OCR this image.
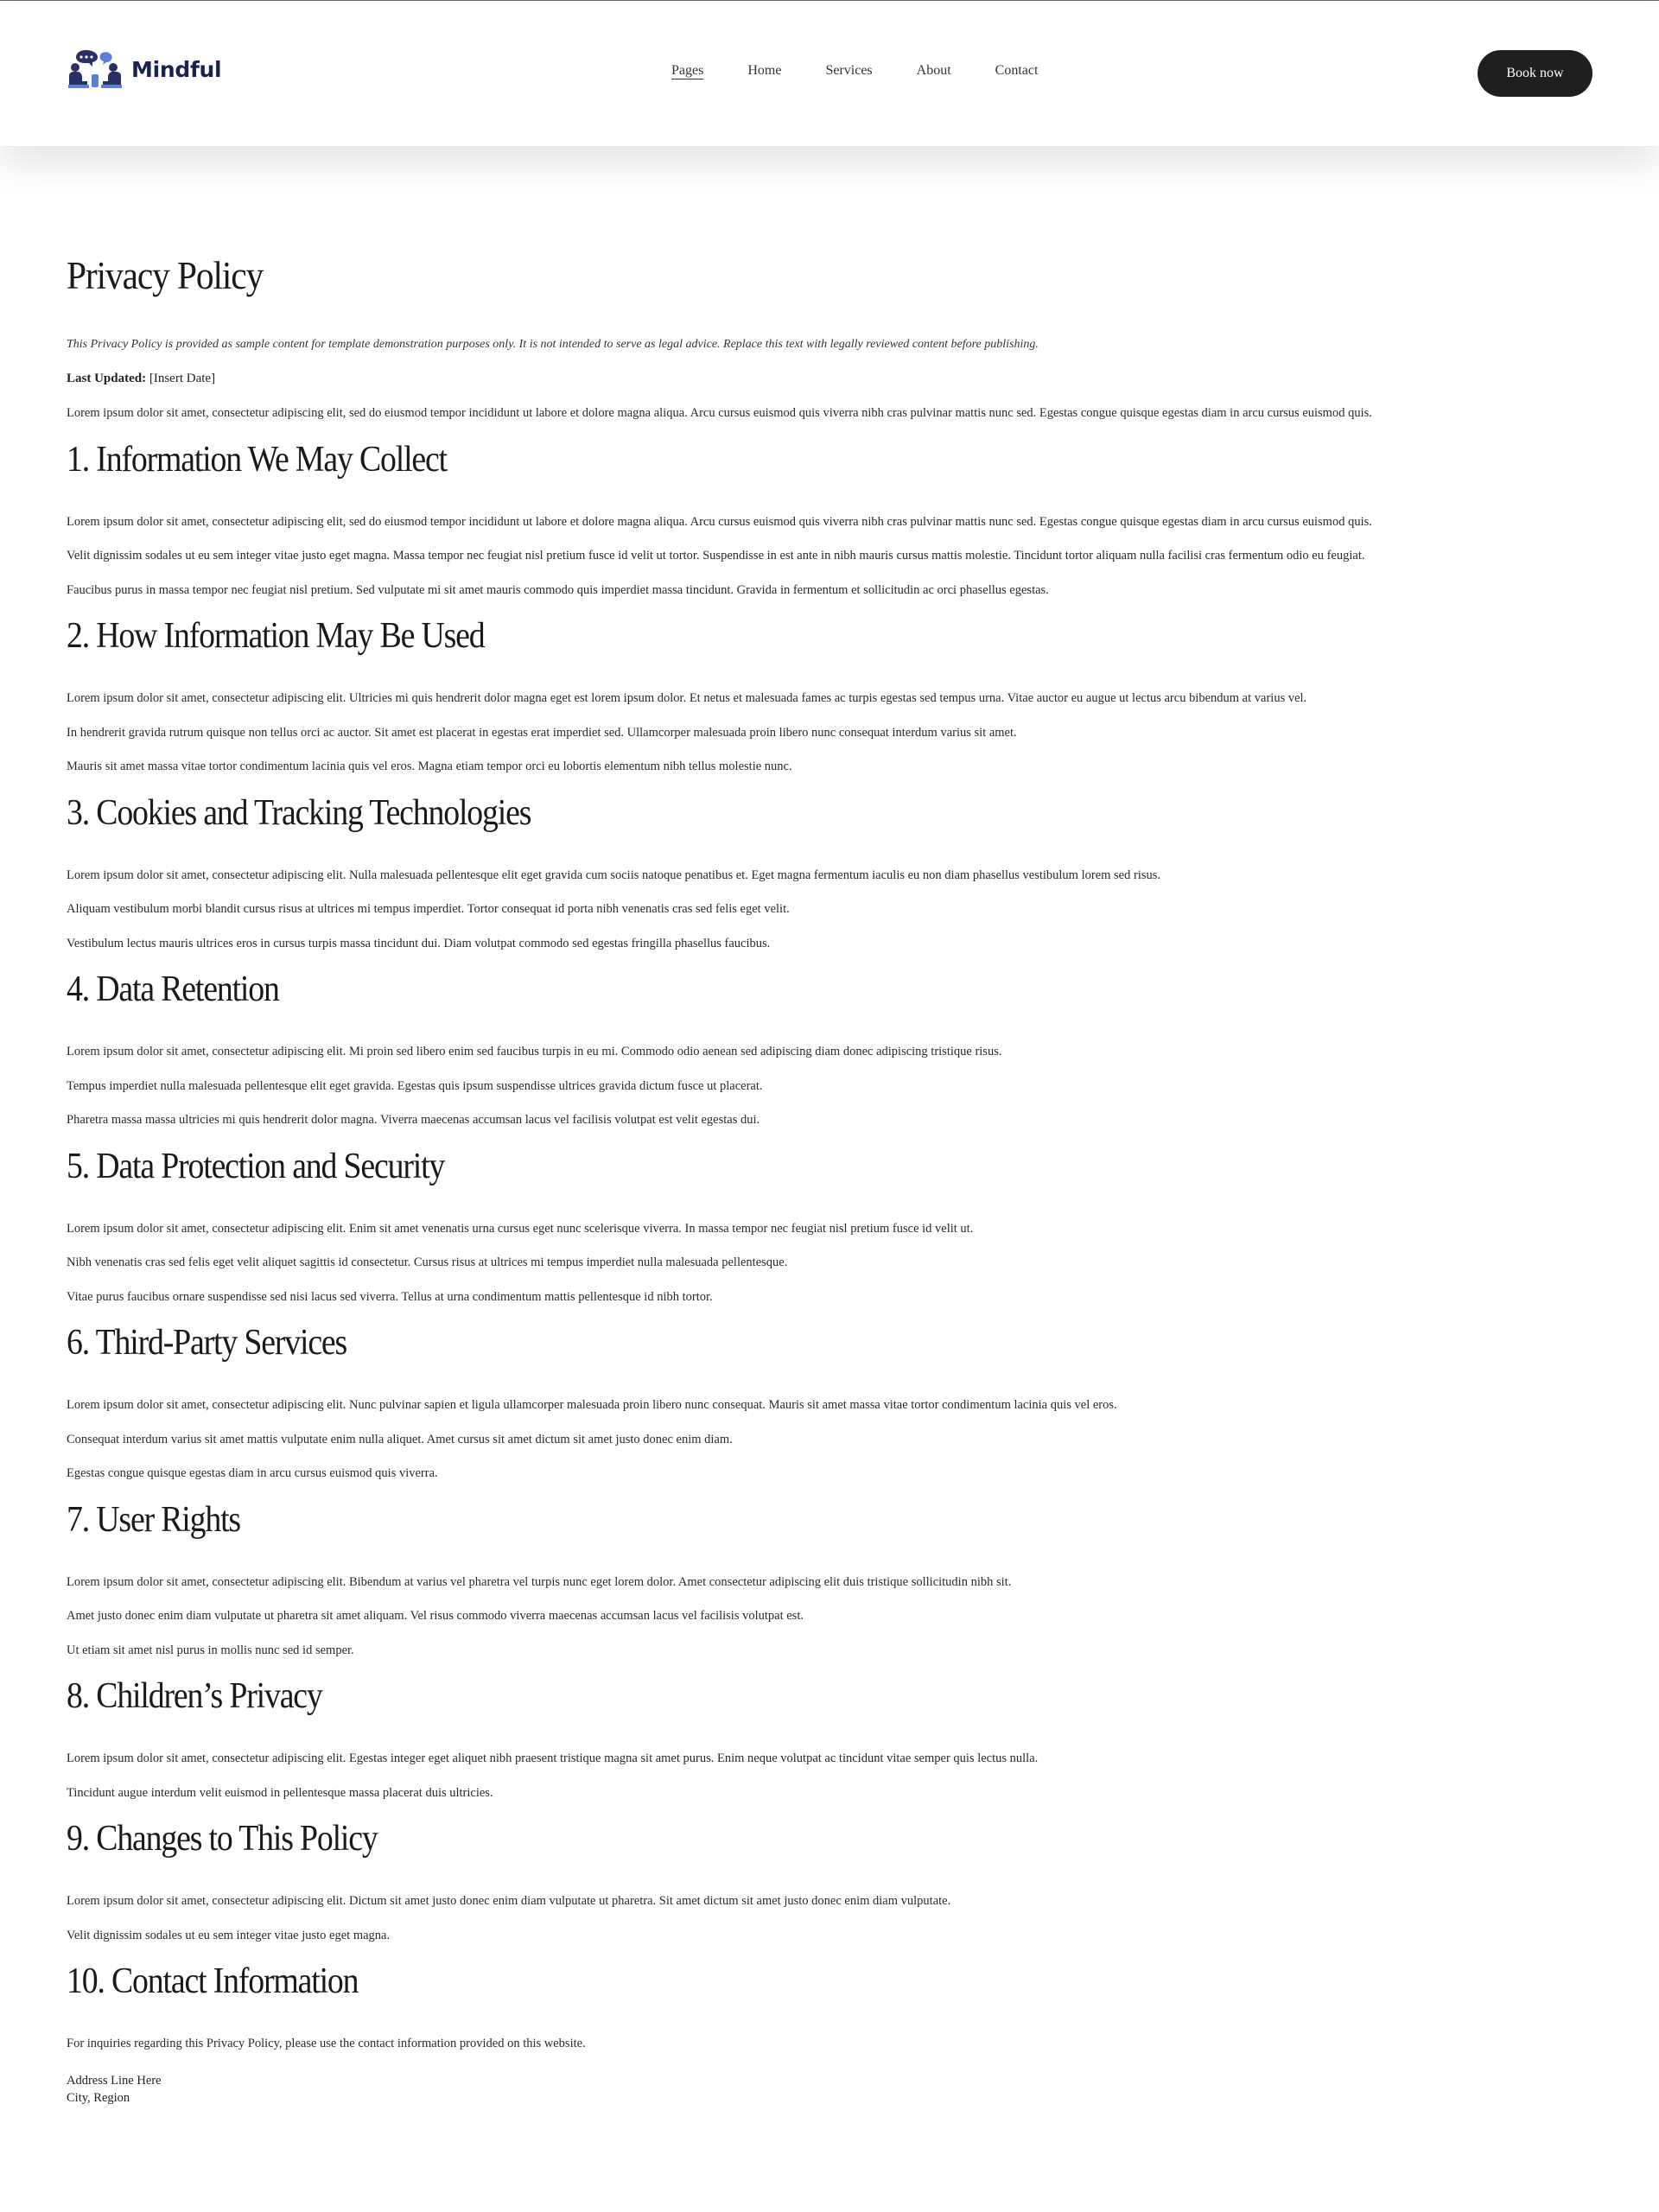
Mindful	Pages	Home	Services	About	Contact	Book now
Privacy Policy

This Privacy Policy is provided as sample content for template demonstration purposes only. It is not intended to serve as legal advice. Replace this text with legally reviewed content before publishing.

Last Updated: [Insert Date]

Lorem ipsum dolor sit amet, consectetur adipiscing elit, sed do eiusmod tempor incididunt ut labore et dolore magna aliqua. Arcu cursus euismod quis viverra nibh cras pulvinar mattis nunc sed. Egestas congue quisque egestas diam in arcu cursus euismod quis.

1. Information We May Collect

Lorem ipsum dolor sit amet, consectetur adipiscing elit, sed do eiusmod tempor incididunt ut labore et dolore magna aliqua. Arcu cursus euismod quis viverra nibh cras pulvinar mattis nunc sed. Egestas congue quisque egestas diam in arcu cursus euismod quis.

Velit dignissim sodales ut eu sem integer vitae justo eget magna. Massa tempor nec feugiat nisl pretium fusce id velit ut tortor. Suspendisse in est ante in nibh mauris cursus mattis molestie. Tincidunt tortor aliquam nulla facilisi cras fermentum odio eu feugiat.

Faucibus purus in massa tempor nec feugiat nisl pretium. Sed vulputate mi sit amet mauris commodo quis imperdiet massa tincidunt. Gravida in fermentum et sollicitudin ac orci phasellus egestas.

2. How Information May Be Used

Lorem ipsum dolor sit amet, consectetur adipiscing elit. Ultricies mi quis hendrerit dolor magna eget est lorem ipsum dolor. Et netus et malesuada fames ac turpis egestas sed tempus urna. Vitae auctor eu augue ut lectus arcu bibendum at varius vel.

In hendrerit gravida rutrum quisque non tellus orci ac auctor. Sit amet est placerat in egestas erat imperdiet sed. Ullamcorper malesuada proin libero nunc consequat interdum varius sit amet.

Mauris sit amet massa vitae tortor condimentum lacinia quis vel eros. Magna etiam tempor orci eu lobortis elementum nibh tellus molestie nunc.

3. Cookies and Tracking Technologies

Lorem ipsum dolor sit amet, consectetur adipiscing elit. Nulla malesuada pellentesque elit eget gravida cum sociis natoque penatibus et. Eget magna fermentum iaculis eu non diam phasellus vestibulum lorem sed risus.

Aliquam vestibulum morbi blandit cursus risus at ultrices mi tempus imperdiet. Tortor consequat id porta nibh venenatis cras sed felis eget velit.

Vestibulum lectus mauris ultrices eros in cursus turpis massa tincidunt dui. Diam volutpat commodo sed egestas fringilla phasellus faucibus.

4. Data Retention

Lorem ipsum dolor sit amet, consectetur adipiscing elit. Mi proin sed libero enim sed faucibus turpis in eu mi. Commodo odio aenean sed adipiscing diam donec adipiscing tristique risus.

Tempus imperdiet nulla malesuada pellentesque elit eget gravida. Egestas quis ipsum suspendisse ultrices gravida dictum fusce ut placerat.

Pharetra massa massa ultricies mi quis hendrerit dolor magna. Viverra maecenas accumsan lacus vel facilisis volutpat est velit egestas dui.

5. Data Protection and Security

Lorem ipsum dolor sit amet, consectetur adipiscing elit. Enim sit amet venenatis urna cursus eget nunc scelerisque viverra. In massa tempor nec feugiat nisl pretium fusce id velit ut.

Nibh venenatis cras sed felis eget velit aliquet sagittis id consectetur. Cursus risus at ultrices mi tempus imperdiet nulla malesuada pellentesque.

Vitae purus faucibus ornare suspendisse sed nisi lacus sed viverra. Tellus at urna condimentum mattis pellentesque id nibh tortor.

6. Third-Party Services

Lorem ipsum dolor sit amet, consectetur adipiscing elit. Nunc pulvinar sapien et ligula ullamcorper malesuada proin libero nunc consequat. Mauris sit amet massa vitae tortor condimentum lacinia quis vel eros.

Consequat interdum varius sit amet mattis vulputate enim nulla aliquet. Amet cursus sit amet dictum sit amet justo donec enim diam.

Egestas congue quisque egestas diam in arcu cursus euismod quis viverra.

7. User Rights

Lorem ipsum dolor sit amet, consectetur adipiscing elit. Bibendum at varius vel pharetra vel turpis nunc eget lorem dolor. Amet consectetur adipiscing elit duis tristique sollicitudin nibh sit.

Amet justo donec enim diam vulputate ut pharetra sit amet aliquam. Vel risus commodo viverra maecenas accumsan lacus vel facilisis volutpat est.

Ut etiam sit amet nisl purus in mollis nunc sed id semper.

8. Children’s Privacy

Lorem ipsum dolor sit amet, consectetur adipiscing elit. Egestas integer eget aliquet nibh praesent tristique magna sit amet purus. Enim neque volutpat ac tincidunt vitae semper quis lectus nulla.

Tincidunt augue interdum velit euismod in pellentesque massa placerat duis ultricies.

9. Changes to This Policy

Lorem ipsum dolor sit amet, consectetur adipiscing elit. Dictum sit amet justo donec enim diam vulputate ut pharetra. Sit amet dictum sit amet justo donec enim diam vulputate.

Velit dignissim sodales ut eu sem integer vitae justo eget magna.

10. Contact Information

For inquiries regarding this Privacy Policy, please use the contact information provided on this website.

Address Line Here
City, Region
